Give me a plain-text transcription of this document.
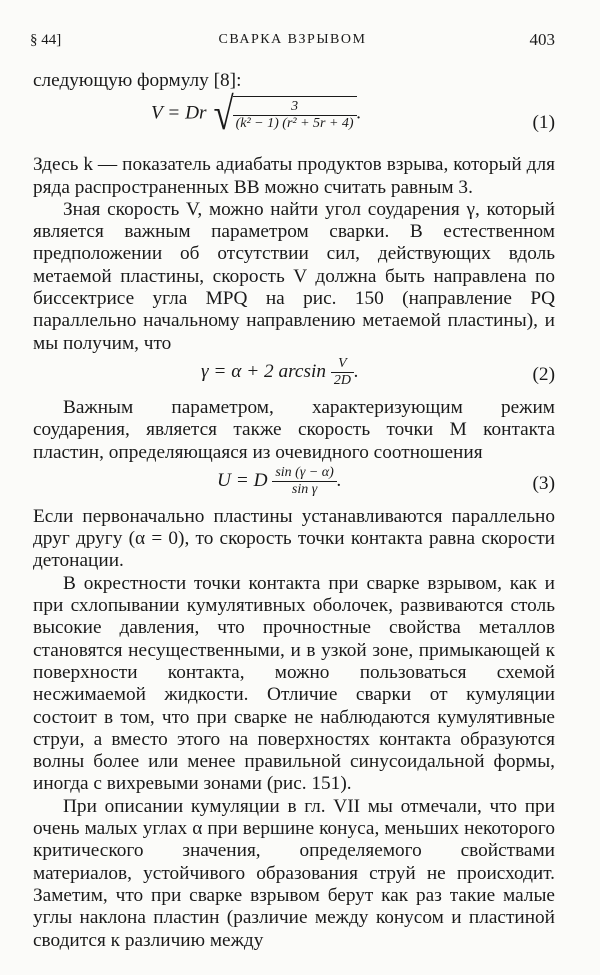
§ 44]	СВАРКА ВЗРЫВОМ	403

следующую формулу [8]:

V = Dr √
$\frac{3}{\text{(k² − 1) (r² + 5r + 4)}}$ .	(1)

Здесь k — показатель адиабаты продуктов взрыва, который для ряда распространенных ВВ можно считать равным 3.

Зная скорость V, можно найти угол соударения γ, который является важным параметром сварки. В естественном предположении об отсутствии сил, действующих вдоль метаемой пластины, скорость V должна быть направлена по биссектрисе угла MPQ на рис. 150 (направление PQ параллельно начальному направлению метаемой пластины), и мы получим, что

γ = α + 2 $\arcsin \frac{V}{2D}$ .	(2)

Важным параметром, характеризующим режим соударения, является также скорость точки M контакта пластин, определяющаяся из очевидного соотношения

U = D $\frac{\sin (\gamma - \alpha)}{\text{sin γ}}$ .	(3)

Если первоначально пластины устанавливаются параллельно друг другу (α = 0), то скорость точки контакта равна скорости детонации.

В окрестности точки контакта при сварке взрывом, как и при схлопывании кумулятивных оболочек, развиваются столь высокие давления, что прочностные свойства металлов становятся несущественными, и в узкой зоне, примыкающей к поверхности контакта, можно пользоваться схемой несжимаемой жидкости. Отличие сварки от кумуляции состоит в том, что при сварке не наблюдаются кумулятивные струи, а вместо этого на поверхностях контакта образуются волны более или менее правильной синусоидальной формы, иногда с вихревыми зонами (рис. 151).

При описании кумуляции в гл. VII мы отмечали, что при очень малых углах α при вершине конуса, меньших некоторого критического значения, определяемого свойствами материалов, устойчивого образования струй не происходит. Заметим, что при сварке взрывом берут как раз такие малые углы наклона пластин (различие между конусом и пластиной сводится к различию между
